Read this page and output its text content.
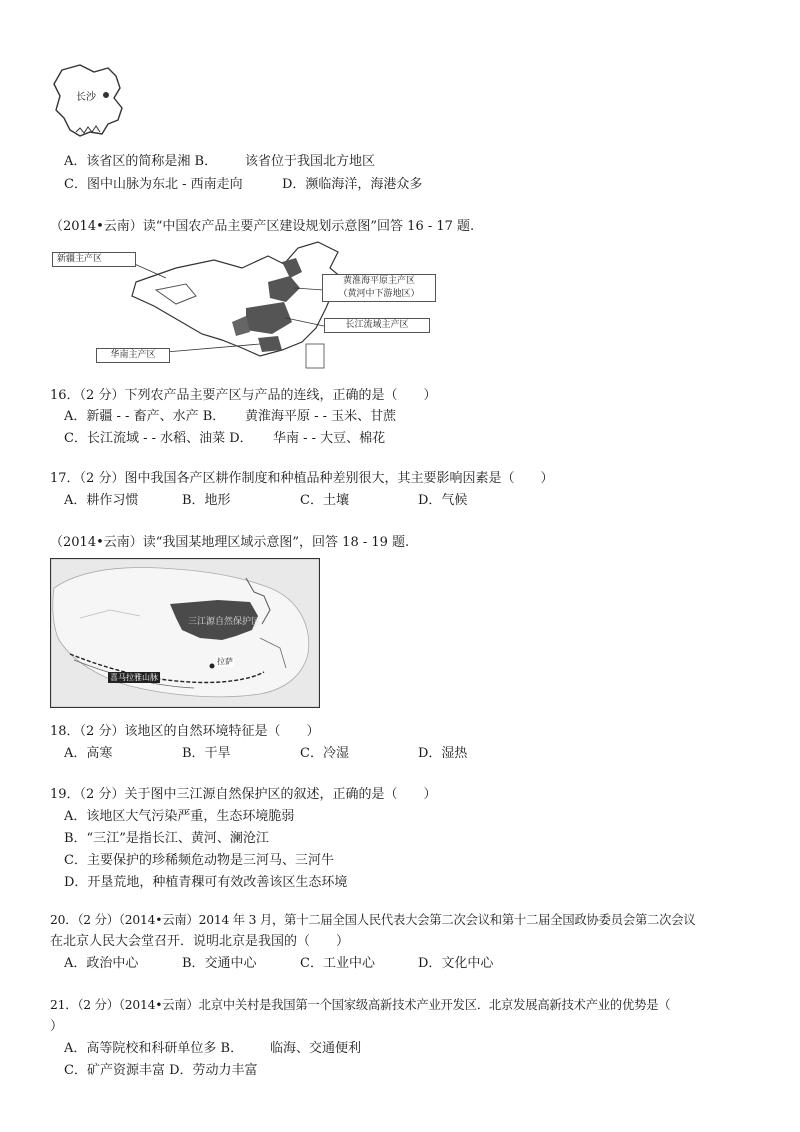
长沙
A．该省区的简称是湘 B． 该省位于我国北方地区
C．图中山脉为东北 - 西南走向	D．濒临海洋，海港众多
（2014•云南）读“中国农产品主要产区建设规划示意图”回答 16 - 17 题.
新疆主产区
黄淮海平原主产区
（黄河中下游地区）
长江流域主产区
华南主产区
16．（2 分）下列农产品主要产区与产品的连线，正确的是（　　）
A．新疆 - - 畜产、水产 B． 黄淮海平原 - - 玉米、甘蔗
C．长江流域 - - 水稻、油菜 D． 华南 - - 大豆、棉花
17．（2 分）图中我国各产区耕作制度和种植品种差别很大，其主要影响因素是（　　）
A．耕作习惯	B．地形	C．土壤	D．气候
（2014•云南）读“我国某地理区域示意图”，回答 18 - 19 题.
三江源自然保护区
拉萨
喜马拉雅山脉
18．（2 分）该地区的自然环境特征是（　　）
A．高寒	B．干旱	C．冷湿	D．湿热
19．（2 分）关于图中三江源自然保护区的叙述，正确的是（　　）
A．该地区大气污染严重，生态环境脆弱
B．“三江”是指长江、黄河、澜沧江
C．主要保护的珍稀频危动物是三河马、三河牛
D．开垦荒地，种植青稞可有效改善该区生态环境
20．（2 分）（2014•云南）2014 年 3 月，第十二届全国人民代表大会第二次会议和第十二届全国政协委员会第二次会议
在北京人民大会堂召开．说明北京是我国的（　　）
A．政治中心	B．交通中心	C．工业中心	D．文化中心
21．（2 分）（2014•云南）北京中关村是我国第一个国家级高新技术产业开发区．北京发展高新技术产业的优势是（
）
A．高等院校和科研单位多 B． 临海、交通便利
C．矿产资源丰富 D．劳动力丰富
